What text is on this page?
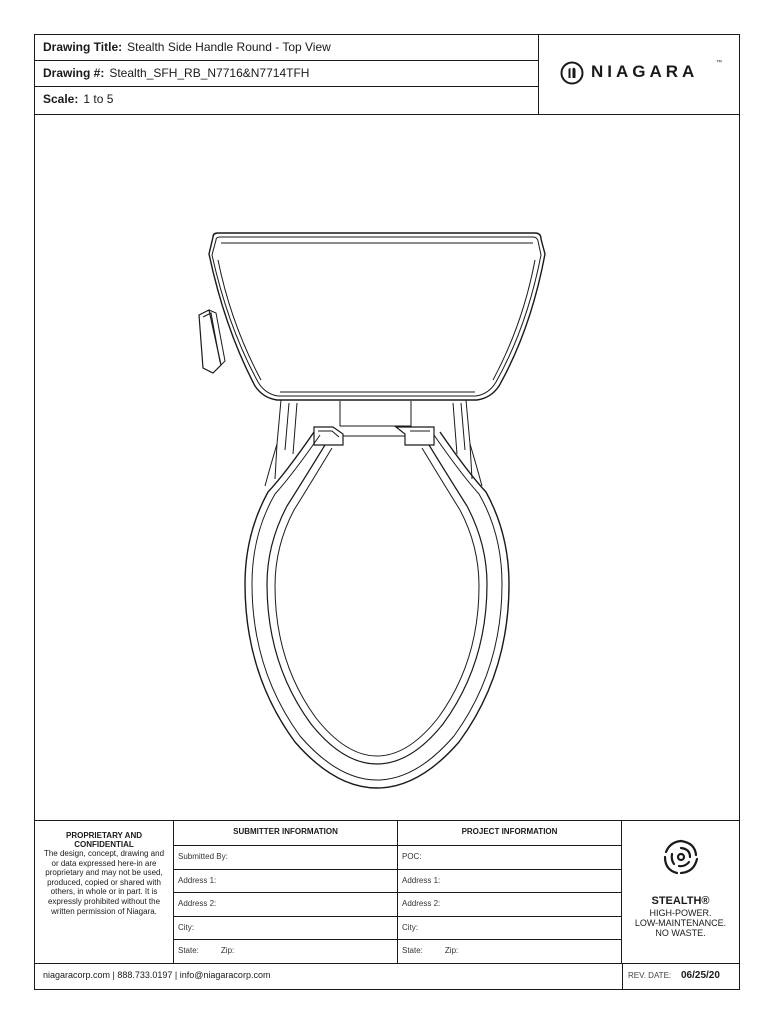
Drawing Title: Stealth Side Handle Round - Top View
Drawing #: Stealth_SFH_RB_N7716&N7714TFH
Scale: 1 to 5
NIAGARA	™
PROPRIETARY AND CONFIDENTIAL
The design, concept, drawing and or data expressed here-in are proprietary and may not be used, produced, copied or shared with others, in whole or in part. It is expressly prohibited without the written permission of Niagara.
SUBMITTER INFORMATION
Submitted By:
Address 1:
Address 2:
City:
State:	Zip:
PROJECT INFORMATION
POC:
Address 1:
Address 2:
City:
State:	Zip:
STEALTH®
HIGH-POWER.
LOW-MAINTENANCE.
NO WASTE.
niagaracorp.com | 888.733.0197 | info@niagaracorp.com	REV. DATE: 06/25/20
